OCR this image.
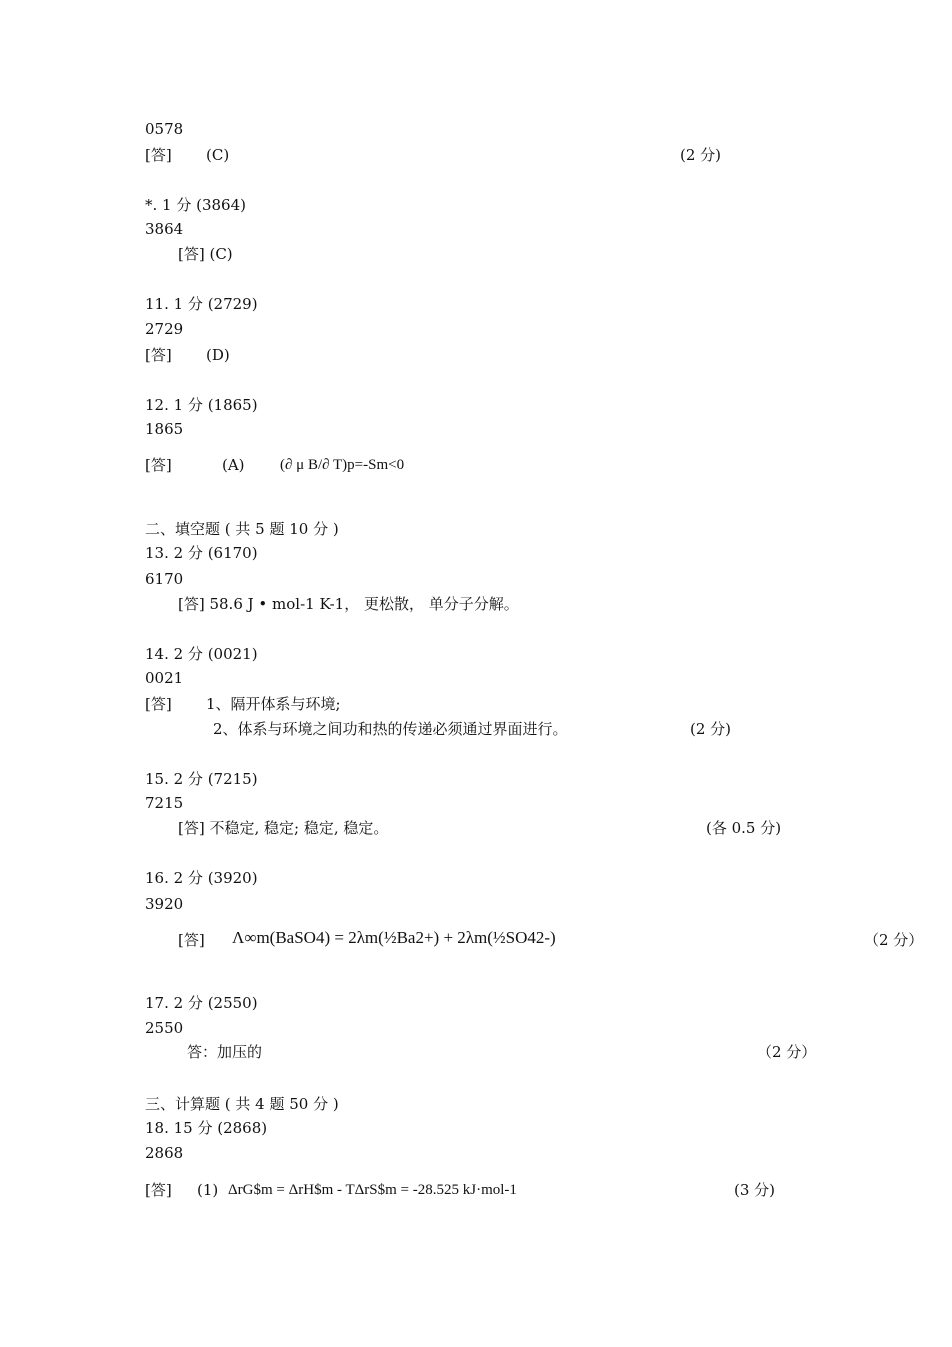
0578
[答] (C)	(2 分)
*. 1 分 (3864)
3864
[答] (C)
11. 1 分 (2729)
2729
[答] (D)
12. 1 分 (1865)
1865
[答]	(A) (∂ μ B/∂ T)p=-Sm<0
二、填空题 ( 共 5 题 10 分 )
13. 2 分 (6170)
6170
[答] 58.6 J • mol-1 K-1， 更松散， 单分子分解。
14. 2 分 (0021)
0021
[答] 1、隔开体系与环境;
2、体系与环境之间功和热的传递必须通过界面进行。	(2 分)
15. 2 分 (7215)
7215
[答] 不稳定, 稳定; 稳定, 稳定。	(各 0.5 分)
16. 2 分 (3920)
3920
[答] Λ∞m(BaSO4) = 2λm(½Ba2+) + 2λm(½SO42-)	（2 分）
17. 2 分 (2550)
2550
答：加压的	（2 分）
三、计算题 ( 共 4 题 50 分 )
18. 15 分 (2868)
2868
[答] (1) ΔrG$m = ΔrH$m - TΔrS$m = -28.525 kJ·mol-1	(3 分)
